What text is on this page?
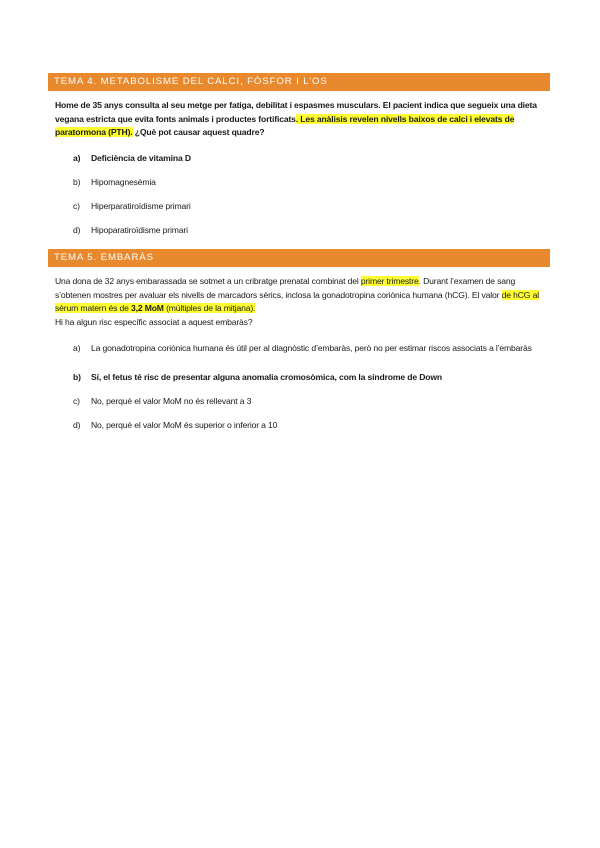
TEMA 4. METABOLISME DEL CALCI, FÒSFOR I L’OS
Home de 35 anys consulta al seu metge per fatiga, debilitat i espasmes musculars. El pacient indica que segueix una dieta vegana estricta que evita fonts animals i productes fortificats. Les anàlisis revelen nivells baixos de calci i elevats de paratormona (PTH). ¿Què pot causar aquest quadre?
a)	Deficiència de vitamina D
b)	Hipomagnesèmia
c)	Hiperparatiroïdisme primari
d)	Hipoparatiroïdisme primari
TEMA 5. EMBARÀS
Una dona de 32 anys embarassada se sotmet a un cribratge prenatal combinat del primer trimestre. Durant l’examen de sang s’obtenen mostres per avaluar els nivells de marcadors sèrics, inclosa la gonadotropina coriònica humana (hCG). El valor de hCG al sèrum matern és de 3,2 MoM (múltiples de la mitjana).
Hi ha algun risc específic associat a aquest embaràs?
a)	La gonadotropina coriònica humana és útil per al diagnòstic d’embaràs, però no per estimar riscos associats a l’embaràs
b)	Sí, el fetus té risc de presentar alguna anomalia cromosòmica, com la síndrome de Down
c)	No, perquè el valor MoM no és rellevant a 3
d)	No, perquè el valor MoM és superior o inferior a 10
